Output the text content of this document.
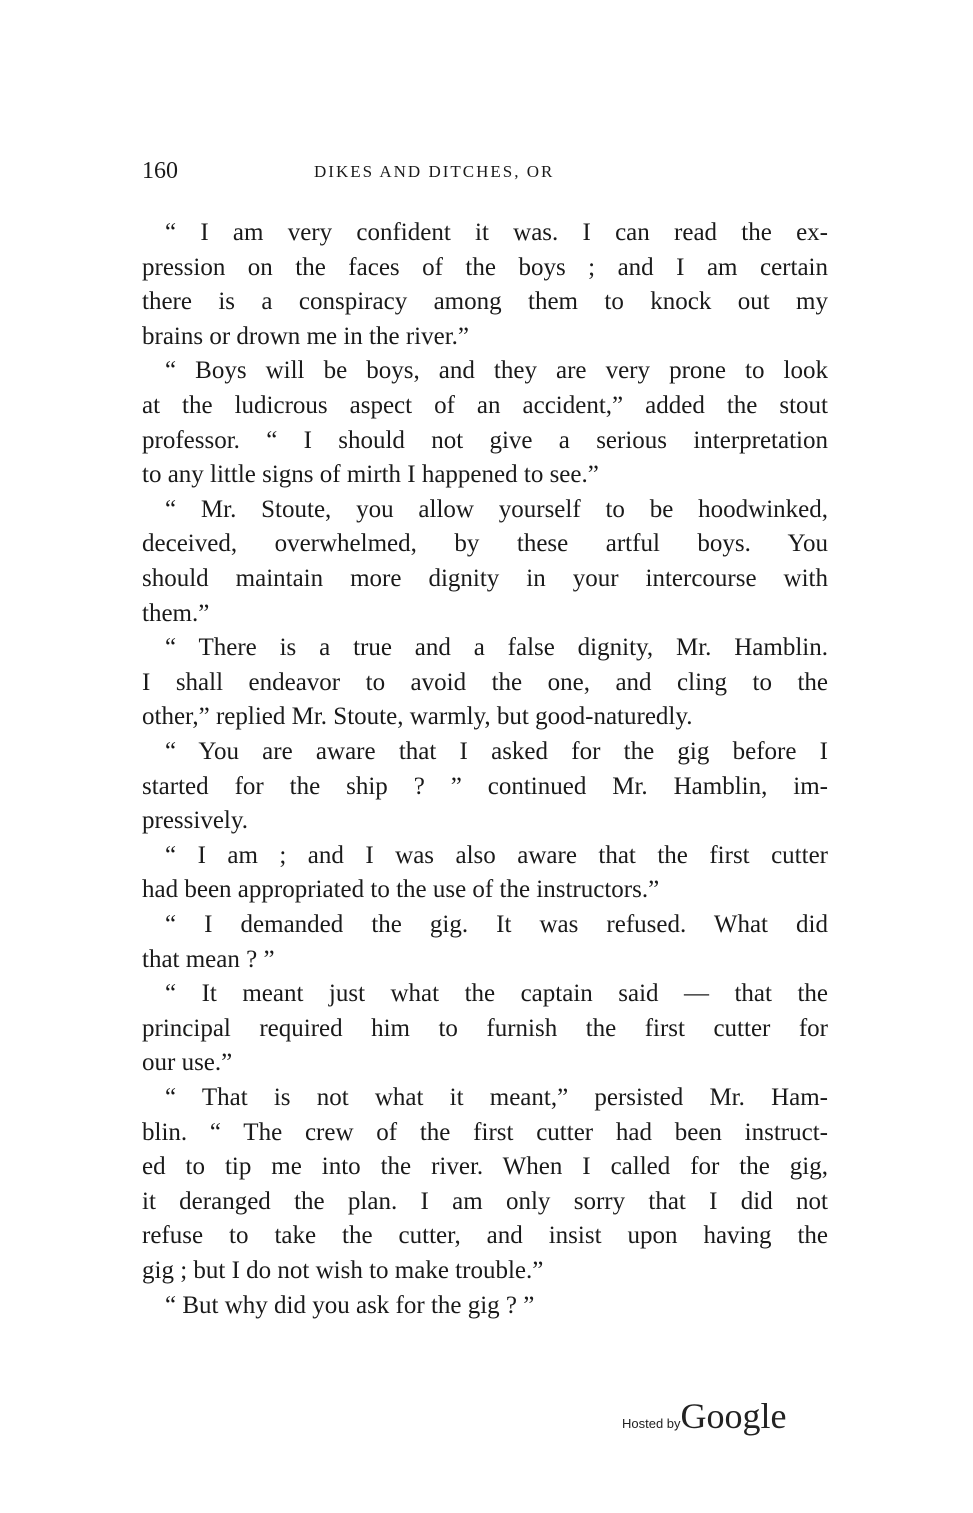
160	DIKES AND DITCHES, OR
“ I am very confident it was. I can read the ex-
pression on the faces of the boys ; and I am certain
there is a conspiracy among them to knock out my
brains or drown me in the river.”
“ Boys will be boys, and they are very prone to look
at the ludicrous aspect of an accident,” added the stout
professor. “ I should not give a serious interpretation
to any little signs of mirth I happened to see.”
“ Mr. Stoute, you allow yourself to be hoodwinked,
deceived, overwhelmed, by these artful boys. You
should maintain more dignity in your intercourse with
them.”
“ There is a true and a false dignity, Mr. Hamblin.
I shall endeavor to avoid the one, and cling to the
other,” replied Mr. Stoute, warmly, but good-naturedly.
“ You are aware that I asked for the gig before I
started for the ship ? ” continued Mr. Hamblin, im-
pressively.
“ I am ; and I was also aware that the first cutter
had been appropriated to the use of the instructors.”
“ I demanded the gig. It was refused. What did
that mean ? ”
“ It meant just what the captain said — that the
principal required him to furnish the first cutter for
our use.”
“ That is not what it meant,” persisted Mr. Ham-
blin. “ The crew of the first cutter had been instruct-
ed to tip me into the river. When I called for the gig,
it deranged the plan. I am only sorry that I did not
refuse to take the cutter, and insist upon having the
gig ; but I do not wish to make trouble.”
“ But why did you ask for the gig ? ”
Hosted byGoogle
